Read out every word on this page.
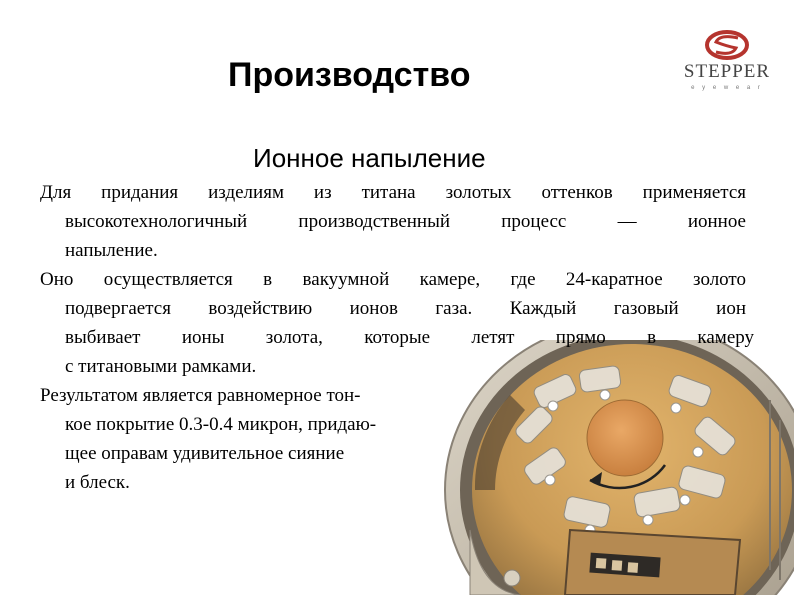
STEPPER
e y e w e a r
Производство
Ионное напыление
Для придания изделиям из титана золотых оттенков применяется
высокотехнологичный производственный процесс — ионное
напыление.
Оно осуществляется в вакуумной камере, где 24-каратное золото
подвергается воздействию ионов газа. Каждый газовый ион
выбивает ионы золота, которые летят прямо в камеру
с титановыми рамками.
Результатом является равномерное тон-
кое покрытие 0.3-0.4 микрон, придаю-
щее оправам удивительное сияние
и блеск.
